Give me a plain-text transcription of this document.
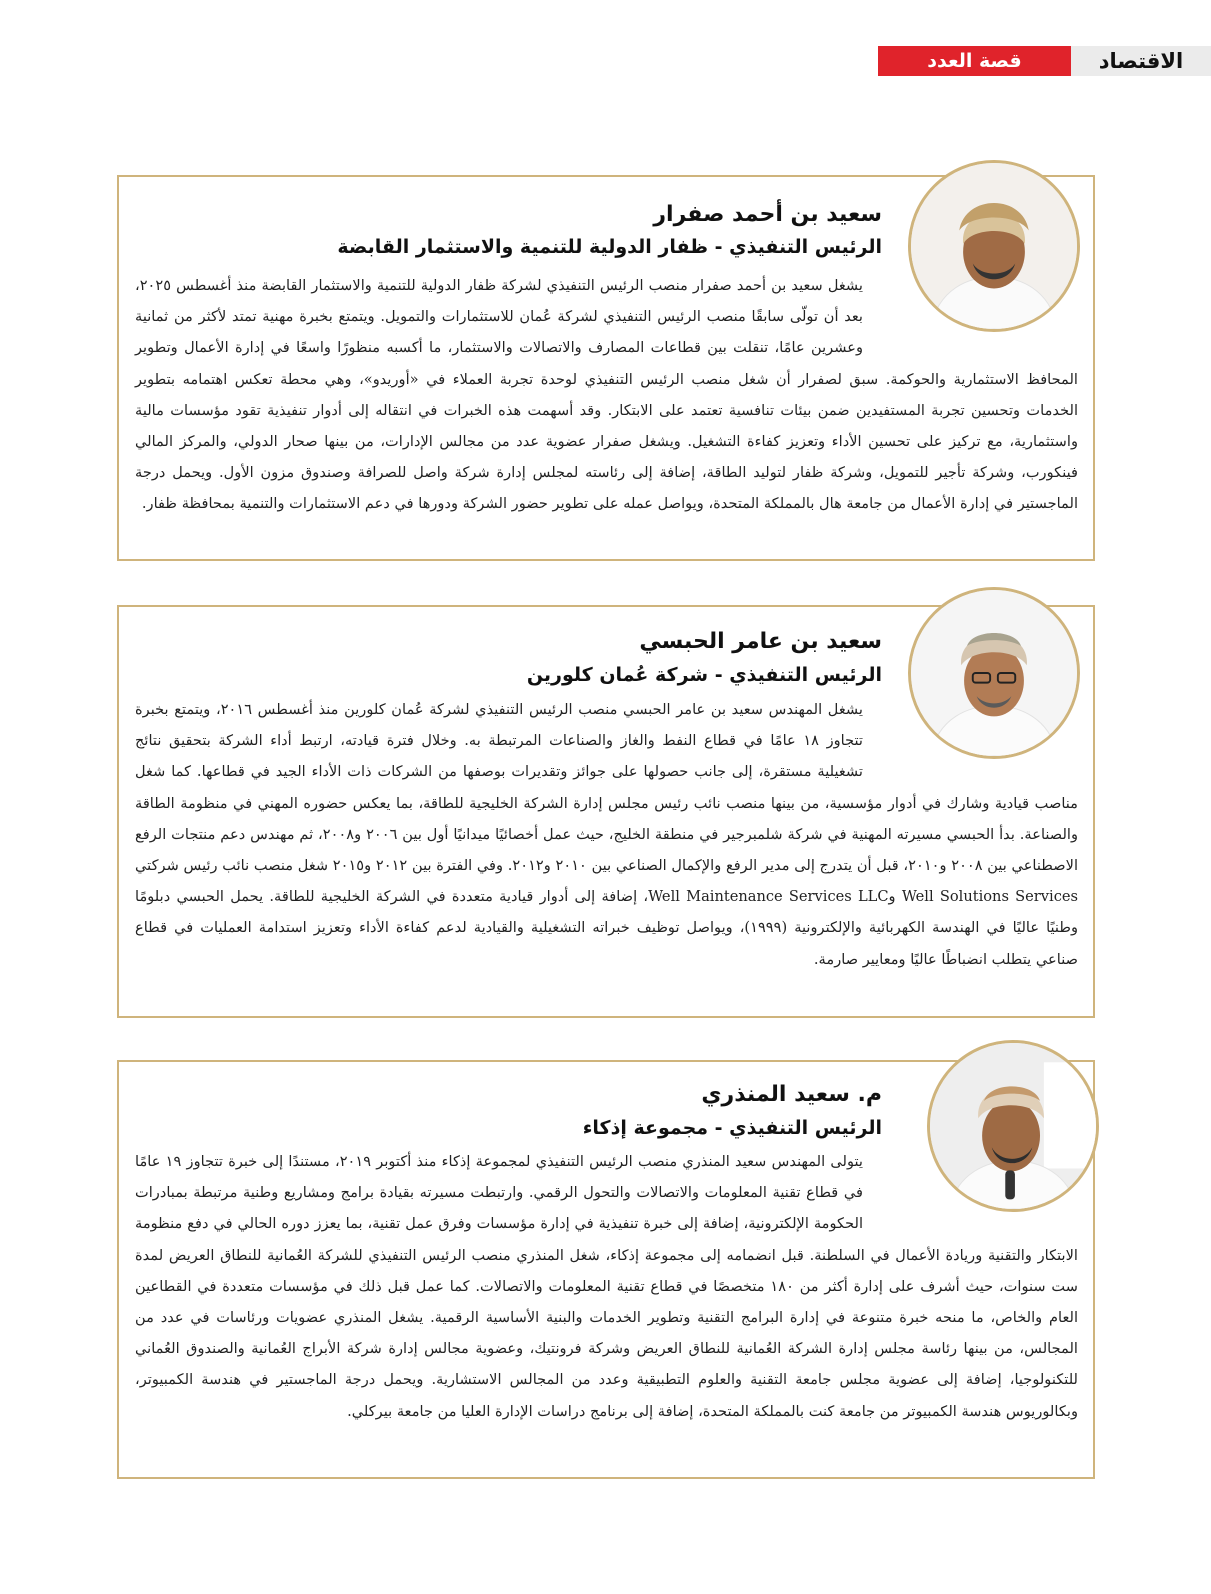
قصة العدد	الاقتصاد
سعيد بن أحمد صفرار
الرئيس التنفيذي - ظفار الدولية للتنمية والاستثمار القابضة

يشغل سعيد بن أحمد صفرار منصب الرئيس التنفيذي لشركة ظفار الدولية للتنمية والاستثمار القابضة منذ أغسطس ٢٠٢٥، بعد أن تولّى سابقًا منصب الرئيس التنفيذي لشركة عُمان للاستثمارات والتمويل. ويتمتع بخبرة مهنية تمتد لأكثر من ثمانية وعشرين عامًا، تنقلت بين قطاعات المصارف والاتصالات والاستثمار، ما أكسبه منظورًا واسعًا في إدارة الأعمال وتطوير المحافظ الاستثمارية والحوكمة. سبق لصفرار أن شغل منصب الرئيس التنفيذي لوحدة تجربة العملاء في «أوريدو»، وهي محطة تعكس اهتمامه بتطوير الخدمات وتحسين تجربة المستفيدين ضمن بيئات تنافسية تعتمد على الابتكار. وقد أسهمت هذه الخبرات في انتقاله إلى أدوار تنفيذية تقود مؤسسات مالية واستثمارية، مع تركيز على تحسين الأداء وتعزيز كفاءة التشغيل. ويشغل صفرار عضوية عدد من مجالس الإدارات، من بينها صحار الدولي، والمركز المالي فينكورب، وشركة تأجير للتمويل، وشركة ظفار لتوليد الطاقة، إضافة إلى رئاسته لمجلس إدارة شركة واصل للصرافة وصندوق مزون الأول. ويحمل درجة الماجستير في إدارة الأعمال من جامعة هال بالمملكة المتحدة، ويواصل عمله على تطوير حضور الشركة ودورها في دعم الاستثمارات والتنمية بمحافظة ظفار.

سعيد بن عامر الحبسي
الرئيس التنفيذي - شركة عُمان كلورين

يشغل المهندس سعيد بن عامر الحبسي منصب الرئيس التنفيذي لشركة عُمان كلورين منذ أغسطس ٢٠١٦، ويتمتع بخبرة تتجاوز ١٨ عامًا في قطاع النفط والغاز والصناعات المرتبطة به. وخلال فترة قيادته، ارتبط أداء الشركة بتحقيق نتائج تشغيلية مستقرة، إلى جانب حصولها على جوائز وتقديرات بوصفها من الشركات ذات الأداء الجيد في قطاعها. كما شغل مناصب قيادية وشارك في أدوار مؤسسية، من بينها منصب نائب رئيس مجلس إدارة الشركة الخليجية للطاقة، بما يعكس حضوره المهني في منظومة الطاقة والصناعة. بدأ الحبسي مسيرته المهنية في شركة شلمبرجير في منطقة الخليج، حيث عمل أخصائيًا ميدانيًا أول بين ٢٠٠٦ و٢٠٠٨، ثم مهندس دعم منتجات الرفع الاصطناعي بين ٢٠٠٨ و٢٠١٠، قبل أن يتدرج إلى مدير الرفع والإكمال الصناعي بين ٢٠١٠ و٢٠١٢. وفي الفترة بين ٢٠١٢ و٢٠١٥ شغل منصب نائب رئيس شركتي Well Solutions Services وWell Maintenance Services LLC، إضافة إلى أدوار قيادية متعددة في الشركة الخليجية للطاقة. يحمل الحبسي دبلومًا وطنيًا عاليًا في الهندسة الكهربائية والإلكترونية (١٩٩٩)، ويواصل توظيف خبراته التشغيلية والقيادية لدعم كفاءة الأداء وتعزيز استدامة العمليات في قطاع صناعي يتطلب انضباطًا عاليًا ومعايير صارمة.

م. سعيد المنذري
الرئيس التنفيذي - مجموعة إذكاء

يتولى المهندس سعيد المنذري منصب الرئيس التنفيذي لمجموعة إذكاء منذ أكتوبر ٢٠١٩، مستندًا إلى خبرة تتجاوز ١٩ عامًا في قطاع تقنية المعلومات والاتصالات والتحول الرقمي. وارتبطت مسيرته بقيادة برامج ومشاريع وطنية مرتبطة بمبادرات الحكومة الإلكترونية، إضافة إلى خبرة تنفيذية في إدارة مؤسسات وفرق عمل تقنية، بما يعزز دوره الحالي في دفع منظومة الابتكار والتقنية وريادة الأعمال في السلطنة. قبل انضمامه إلى مجموعة إذكاء، شغل المنذري منصب الرئيس التنفيذي للشركة العُمانية للنطاق العريض لمدة ست سنوات، حيث أشرف على إدارة أكثر من ١٨٠ متخصصًا في قطاع تقنية المعلومات والاتصالات. كما عمل قبل ذلك في مؤسسات متعددة في القطاعين العام والخاص، ما منحه خبرة متنوعة في إدارة البرامج التقنية وتطوير الخدمات والبنية الأساسية الرقمية. يشغل المنذري عضويات ورئاسات في عدد من المجالس، من بينها رئاسة مجلس إدارة الشركة العُمانية للنطاق العريض وشركة فرونتيك، وعضوية مجالس إدارة شركة الأبراج العُمانية والصندوق العُماني للتكنولوجيا، إضافة إلى عضوية مجلس جامعة التقنية والعلوم التطبيقية وعدد من المجالس الاستشارية. ويحمل درجة الماجستير في هندسة الكمبيوتر، وبكالوريوس هندسة الكمبيوتر من جامعة كنت بالمملكة المتحدة، إضافة إلى برنامج دراسات الإدارة العليا من جامعة بيركلي.
